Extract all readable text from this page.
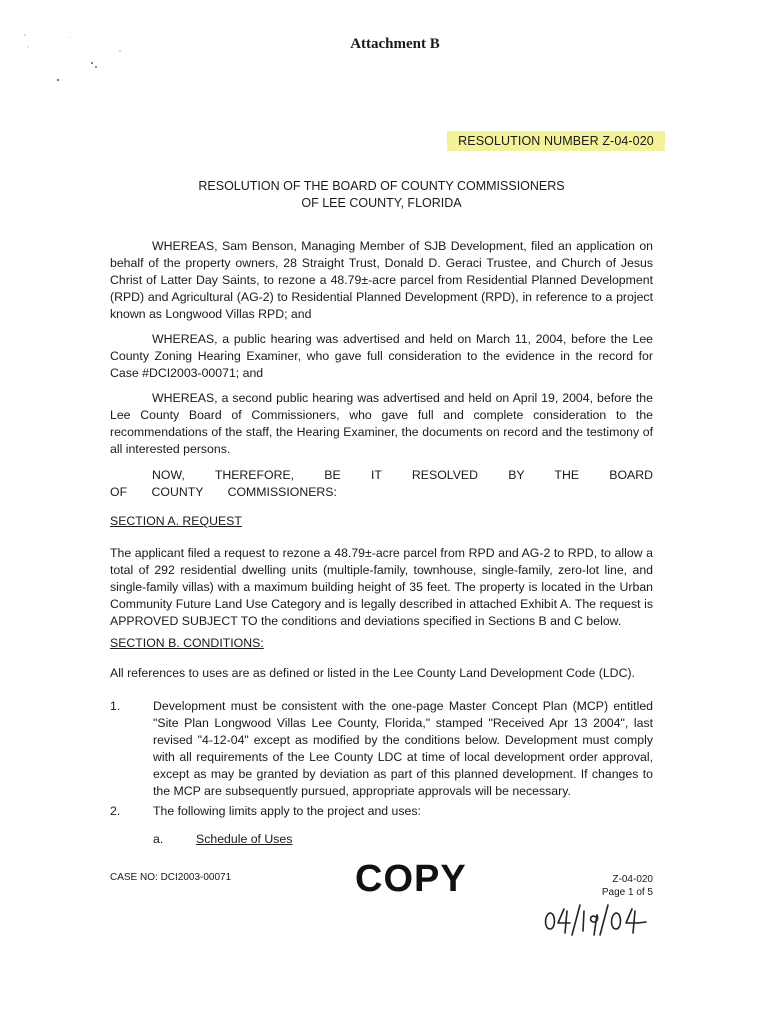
Attachment B
RESOLUTION NUMBER Z-04-020
RESOLUTION OF THE BOARD OF COUNTY COMMISSIONERS
OF LEE COUNTY, FLORIDA
WHEREAS, Sam Benson, Managing Member of SJB Development, filed an application on behalf of the property owners, 28 Straight Trust, Donald D. Geraci Trustee, and Church of Jesus Christ of Latter Day Saints, to rezone a 48.79±-acre parcel from Residential Planned Development (RPD) and Agricultural (AG-2) to Residential Planned Development (RPD), in reference to a project known as Longwood Villas RPD; and
WHEREAS, a public hearing was advertised and held on March 11, 2004, before the Lee County Zoning Hearing Examiner, who gave full consideration to the evidence in the record for Case #DCI2003-00071; and
WHEREAS, a second public hearing was advertised and held on April 19, 2004, before the Lee County Board of Commissioners, who gave full and complete consideration to the recommendations of the staff, the Hearing Examiner, the documents on record and the testimony of all interested persons.
NOW, THEREFORE, BE IT RESOLVED BY THE BOARD OF COUNTY COMMISSIONERS:
SECTION A. REQUEST
The applicant filed a request to rezone a 48.79±-acre parcel from RPD and AG-2 to RPD, to allow a total of 292 residential dwelling units (multiple-family, townhouse, single-family, zero-lot line, and single-family villas) with a maximum building height of 35 feet. The property is located in the Urban Community Future Land Use Category and is legally described in attached Exhibit A. The request is APPROVED SUBJECT TO the conditions and deviations specified in Sections B and C below.
SECTION B. CONDITIONS:
All references to uses are as defined or listed in the Lee County Land Development Code (LDC).
1.	Development must be consistent with the one-page Master Concept Plan (MCP) entitled "Site Plan Longwood Villas Lee County, Florida," stamped "Received Apr 13 2004", last revised "4-12-04" except as modified by the conditions below. Development must comply with all requirements of the Lee County LDC at time of local development order approval, except as may be granted by deviation as part of this planned development. If changes to the MCP are subsequently pursued, appropriate approvals will be necessary.
2.	The following limits apply to the project and uses:
a.	Schedule of Uses
CASE NO: DCI2003-00071	COPY	Z-04-020
Page 1 of 5
